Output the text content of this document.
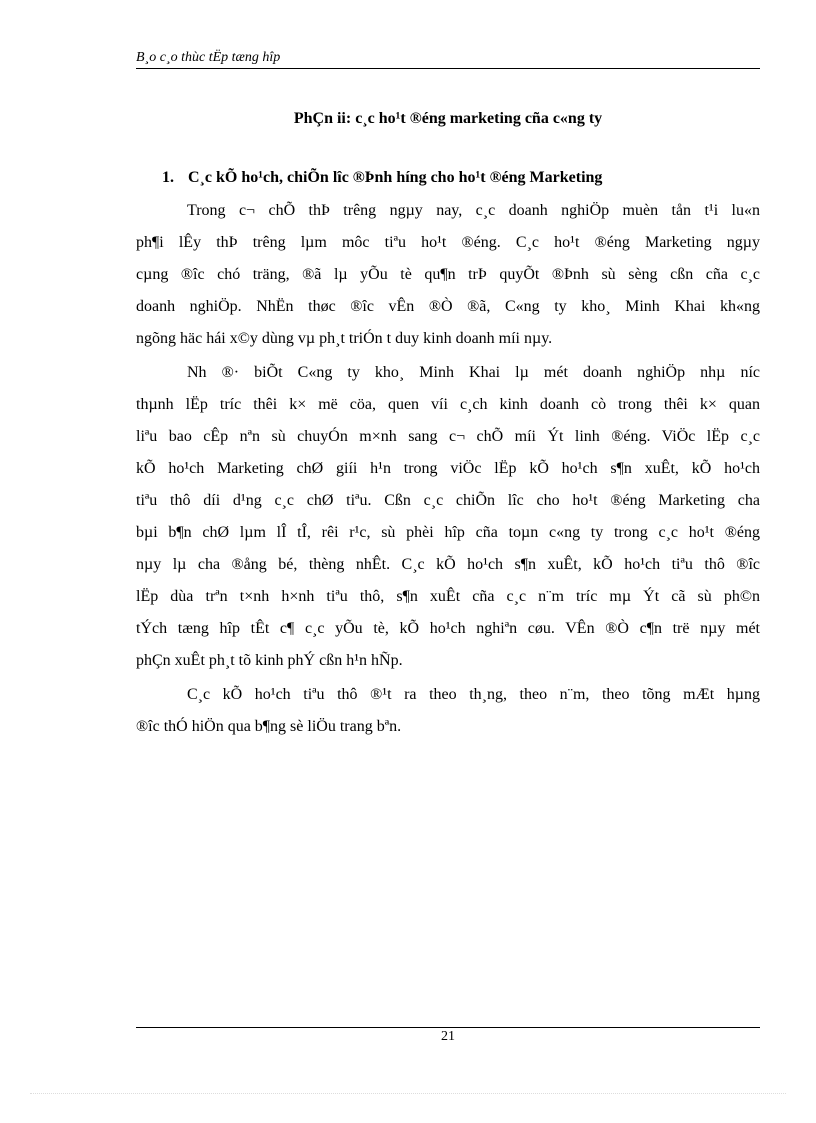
B¸o c¸o thùc tËp tæng hîp
PhÇn ii: c¸c ho¹t ®éng marketing cña c«ng ty
1. C¸c kÕ ho¹ch, chiÕn lîc ®Þnh híng cho ho¹t ®éng Marketing
Trong c¬ chÕ thÞ trêng ngµy nay, c¸c doanh nghiÖp muèn tån t¹i lu«n
ph¶i lÊy thÞ trêng lµm môc tiªu ho¹t ®éng. C¸c ho¹t ®éng Marketing ngµy
cµng ®îc chó träng, ®ã lµ yÕu tè qu¶n trÞ quyÕt ®Þnh sù sèng cßn cña c¸c
doanh nghiÖp. NhËn thøc ®îc vÊn ®Ò ®ã, C«ng ty kho¸ Minh Khai kh«ng
ngõng häc hái x©y dùng vµ ph¸t triÓn t duy kinh doanh míi nµy.
Nh ®· biÕt C«ng ty kho¸ Minh Khai lµ mét doanh nghiÖp nhµ níc
thµnh lËp tríc thêi k× më cöa, quen víi c¸ch kinh doanh cò trong thêi k× quan
liªu bao cÊp nªn sù chuyÓn m×nh sang c¬ chÕ míi Ýt linh ®éng. ViÖc lËp c¸c
kÕ ho¹ch Marketing chØ giíi h¹n trong viÖc lËp kÕ ho¹ch s¶n xuÊt, kÕ ho¹ch
tiªu thô díi d¹ng c¸c chØ tiªu. Cßn c¸c chiÕn lîc cho ho¹t ®éng Marketing cha
bµi b¶n chØ lµm lÎ tÎ, rêi r¹c, sù phèi hîp cña toµn c«ng ty trong c¸c ho¹t ®éng
nµy lµ cha ®ång bé, thèng nhÊt. C¸c kÕ ho¹ch s¶n xuÊt, kÕ ho¹ch tiªu thô ®îc
lËp dùa trªn t×nh h×nh tiªu thô, s¶n xuÊt cña c¸c n¨m tríc mµ Ýt cã sù ph©n
tÝch tæng hîp tÊt c¶ c¸c yÕu tè, kÕ ho¹ch nghiªn cøu. VÊn ®Ò c¶n trë nµy mét
phÇn xuÊt ph¸t tõ kinh phÝ cßn h¹n hÑp.
C¸c kÕ ho¹ch tiªu thô ®¹t ra theo th¸ng, theo n¨m, theo tõng mÆt hµng
®îc thÓ hiÖn qua b¶ng sè liÖu trang bªn.
21
